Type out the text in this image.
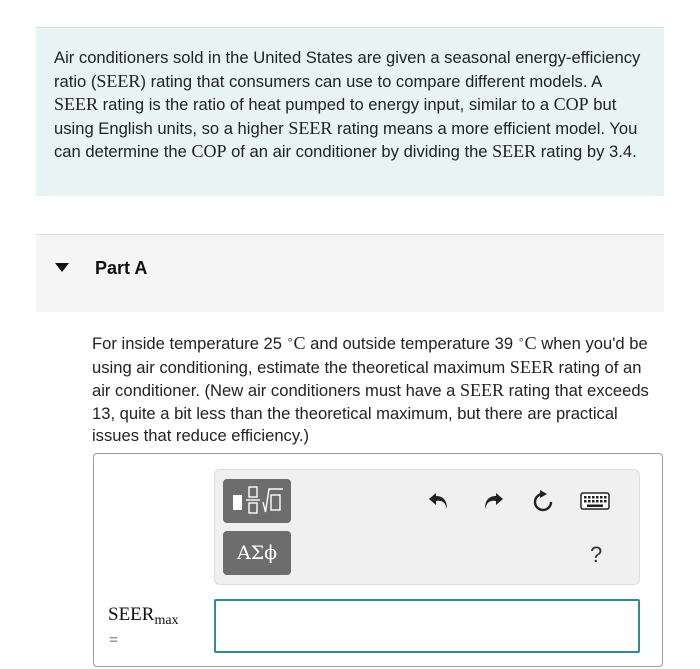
Air conditioners sold in the United States are given a seasonal energy-efficiency ratio (SEER) rating that consumers can use to compare different models. A SEER rating is the ratio of heat pumped to energy input, similar to a COP but using English units, so a higher SEER rating means a more efficient model. You can determine the COP of an air conditioner by dividing the SEER rating by 3.4.
Part A
For inside temperature 25 ∘C and outside temperature 39 ∘C when you'd be using air conditioning, estimate the theoretical maximum SEER rating of an air conditioner. (New air conditioners must have a SEER rating that exceeds 13, quite a bit less than the theoretical maximum, but there are practical issues that reduce efficiency.)
ΑΣϕ	?
$SEER_{max}$
=
